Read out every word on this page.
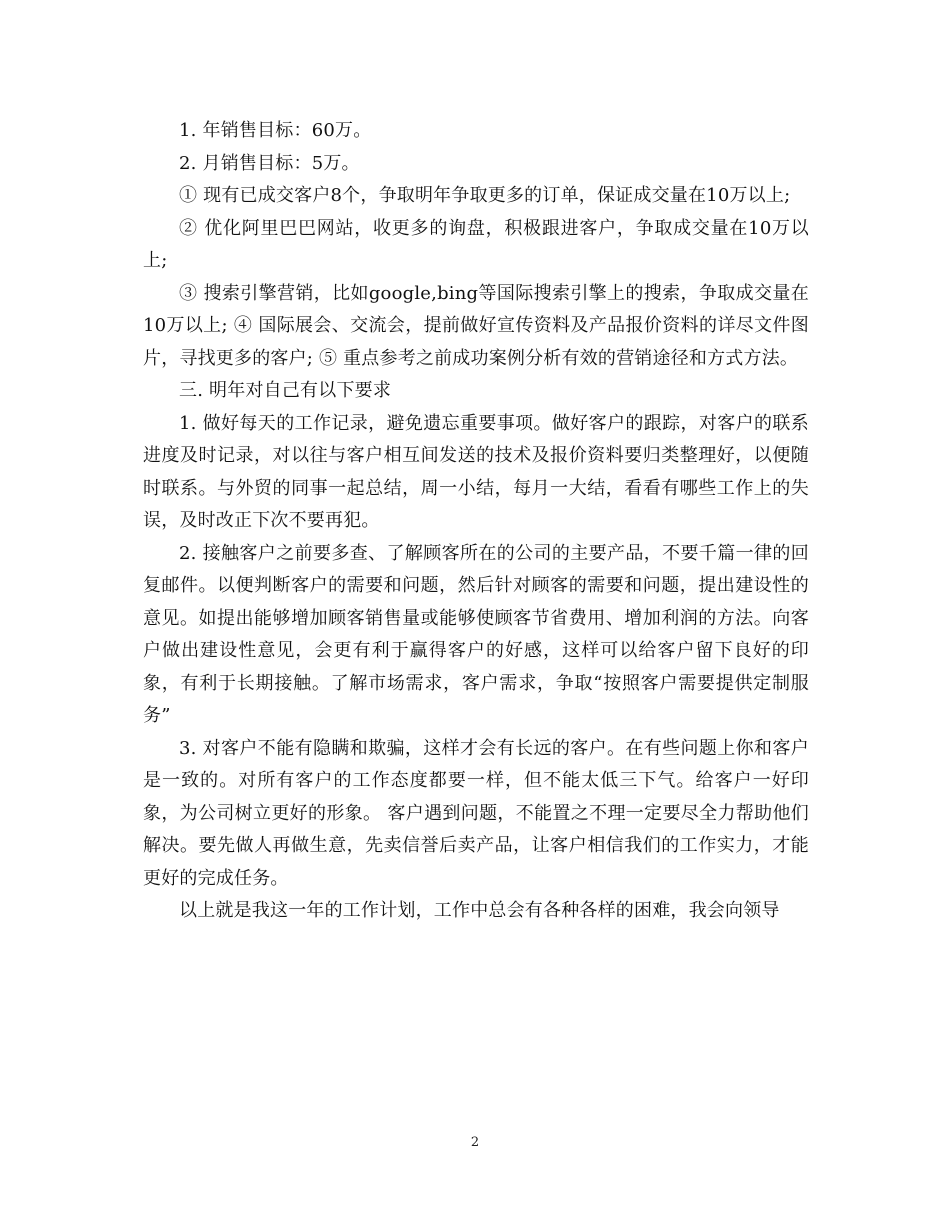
1. 年销售目标：60万。

2. 月销售目标：5万。

① 现有已成交客户8个，争取明年争取更多的订单，保证成交量在10万以上;

② 优化阿里巴巴网站，收更多的询盘，积极跟进客户，争取成交量在10万以上;

③ 搜索引擎营销，比如google,bing等国际搜索引擎上的搜索，争取成交量在10万以上; ④ 国际展会、交流会，提前做好宣传资料及产品报价资料的详尽文件图片，寻找更多的客户; ⑤ 重点参考之前成功案例分析有效的营销途径和方式方法。

三. 明年对自己有以下要求

1. 做好每天的工作记录，避免遗忘重要事项。做好客户的跟踪，对客户的联系进度及时记录，对以往与客户相互间发送的技术及报价资料要归类整理好，以便随时联系。与外贸的同事一起总结，周一小结，每月一大结，看看有哪些工作上的失误，及时改正下次不要再犯。

2. 接触客户之前要多查、了解顾客所在的公司的主要产品，不要千篇一律的回复邮件。以便判断客户的需要和问题，然后针对顾客的需要和问题，提出建设性的意见。如提出能够增加顾客销售量或能够使顾客节省费用、增加利润的方法。向客户做出建设性意见，会更有利于赢得客户的好感，这样可以给客户留下良好的印象，有利于长期接触。了解市场需求，客户需求，争取“按照客户需要提供定制服务”

3. 对客户不能有隐瞒和欺骗，这样才会有长远的客户。在有些问题上你和客户是一致的。对所有客户的工作态度都要一样，但不能太低三下气。给客户一好印象，为公司树立更好的形象。 客户遇到问题，不能置之不理一定要尽全力帮助他们解决。要先做人再做生意，先卖信誉后卖产品，让客户相信我们的工作实力，才能更好的完成任务。

以上就是我这一年的工作计划，工作中总会有各种各样的困难，我会向领导

2
